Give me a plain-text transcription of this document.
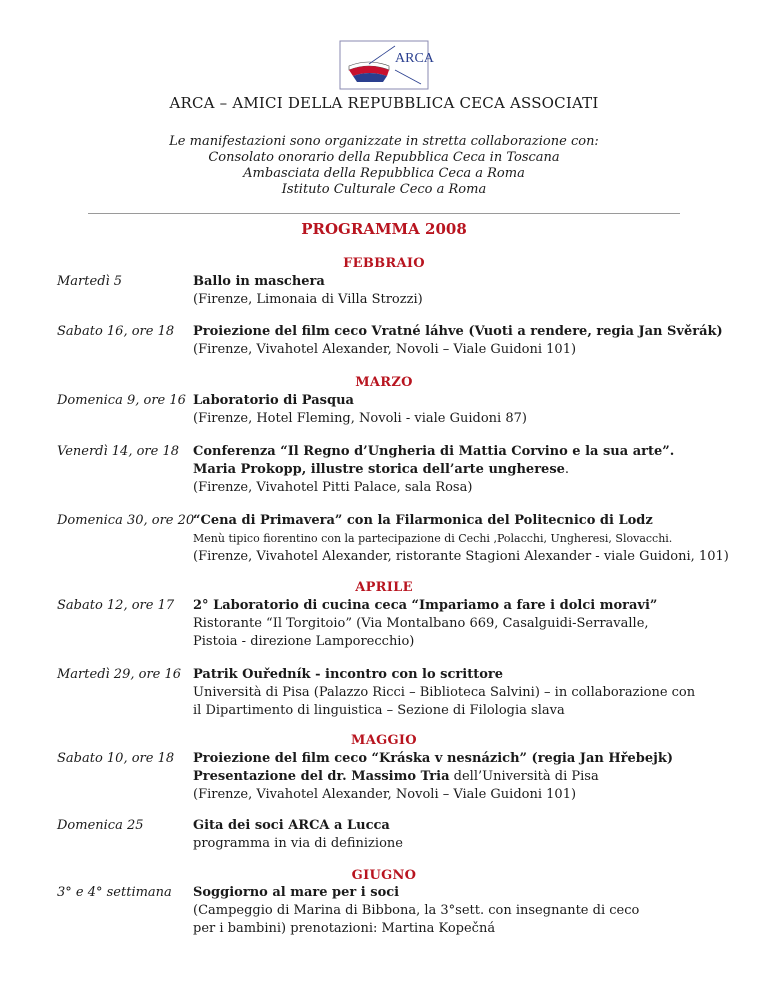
ARCA
ARCA – AMICI DELLA REPUBBLICA CECA ASSOCIATI
Le manifestazioni sono organizzate in stretta collaborazione con:
Consolato onorario della Repubblica Ceca in Toscana
Ambasciata della Repubblica Ceca a Roma
Istituto Culturale Ceco a Roma
PROGRAMMA 2008
FEBBRAIO
Martedì 5	Ballo in maschera
(Firenze, Limonaia di Villa Strozzi)
Sabato 16, ore 18 Proiezione del film ceco Vratné láhve (Vuoti a rendere, regia Jan Svěrák)
(Firenze, Vivahotel Alexander, Novoli – Viale Guidoni 101)
MARZO
Domenica 9, ore 16 Laboratorio di Pasqua
(Firenze, Hotel Fleming, Novoli - viale Guidoni 87)
Venerdì 14, ore 18 Conferenza “Il Regno d’Ungheria di Mattia Corvino e la sua arte”.
Maria Prokopp, illustre storica dell’arte ungherese.
(Firenze, Vivahotel Pitti Palace, sala Rosa)
Domenica 30, ore 20
“Cena di Primavera” con la Filarmonica del Politecnico di Lodz
Menù tipico fiorentino con la partecipazione di Cechi ,Polacchi, Ungheresi, Slovacchi.
(Firenze, Vivahotel Alexander, ristorante Stagioni Alexander - viale Guidoni, 101)
APRILE
Sabato 12, ore 17 2° Laboratorio di cucina ceca “Impariamo a fare i dolci moravi”
Ristorante “Il Torgitoio” (Via Montalbano 669, Casalguidi-Serravalle,
Pistoia - direzione Lamporecchio)
Martedì 29, ore 16 Patrik Ouředník - incontro con lo scrittore
Università di Pisa (Palazzo Ricci – Biblioteca Salvini) – in collaborazione con
il Dipartimento di linguistica – Sezione di Filologia slava
MAGGIO
Sabato 10, ore 18 Proiezione del film ceco “Kráska v nesnázich” (regia Jan Hřebejk)
Presentazione del dr. Massimo Tria dell’Università di Pisa
(Firenze, Vivahotel Alexander, Novoli – Viale Guidoni 101)
Domenica 25	Gita dei soci ARCA a Lucca
programma in via di definizione
GIUGNO
3° e 4° settimana Soggiorno al mare per i soci
(Campeggio di Marina di Bibbona, la 3°sett. con insegnante di ceco
per i bambini) prenotazioni: Martina Kopečná
